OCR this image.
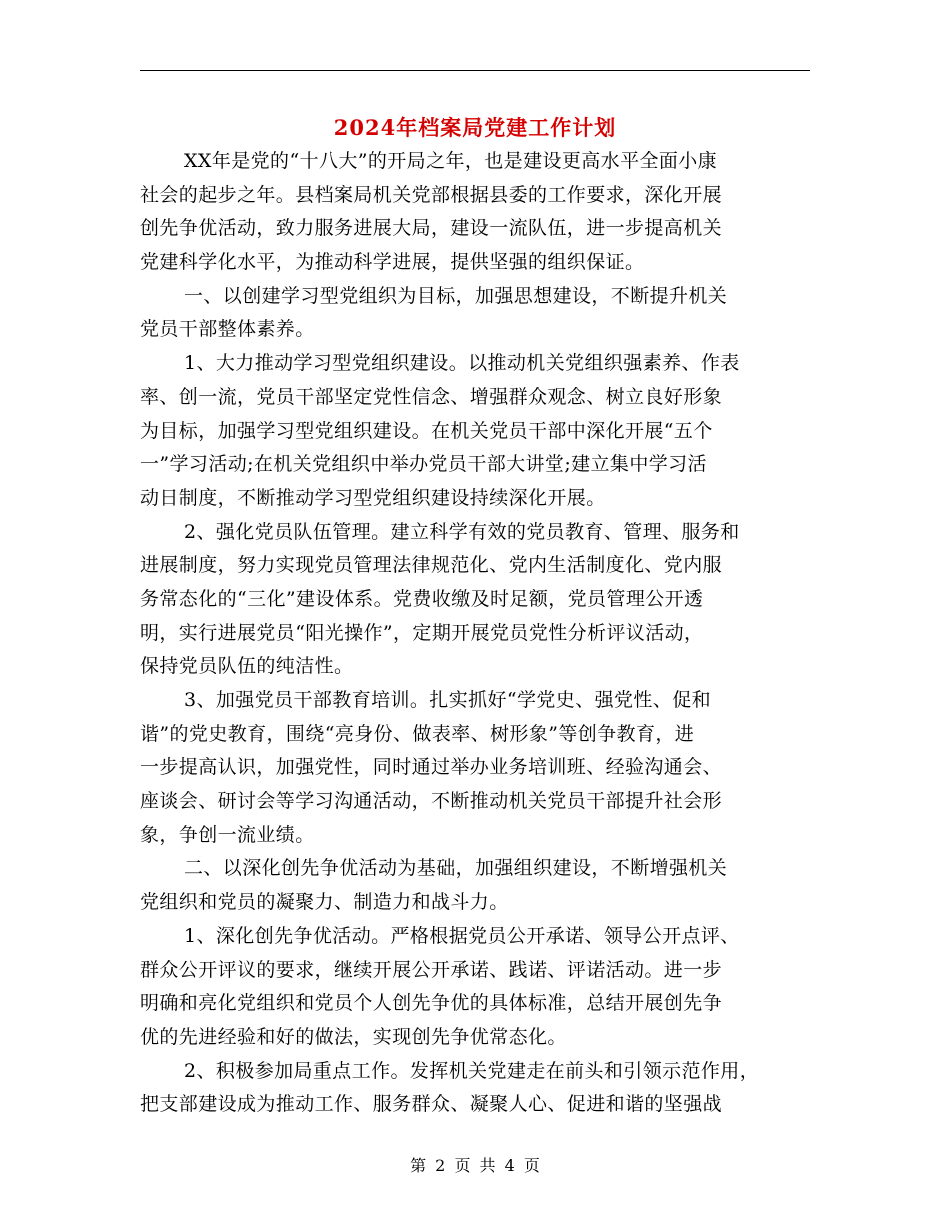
2024年档案局党建工作计划
XX年是党的“十八大”的开局之年，也是建设更高水平全面小康
社会的起步之年。县档案局机关党部根据县委的工作要求，深化开展
创先争优活动，致力服务进展大局，建设一流队伍，进一步提高机关
党建科学化水平，为推动科学进展，提供坚强的组织保证。
一、以创建学习型党组织为目标，加强思想建设，不断提升机关
党员干部整体素养。
1、大力推动学习型党组织建设。以推动机关党组织强素养、作表
率、创一流，党员干部坚定党性信念、增强群众观念、树立良好形象
为目标，加强学习型党组织建设。在机关党员干部中深化开展“五个
一”学习活动;在机关党组织中举办党员干部大讲堂;建立集中学习活
动日制度，不断推动学习型党组织建设持续深化开展。
2、强化党员队伍管理。建立科学有效的党员教育、管理、服务和
进展制度，努力实现党员管理法律规范化、党内生活制度化、党内服
务常态化的“三化”建设体系。党费收缴及时足额，党员管理公开透
明，实行进展党员“阳光操作”，定期开展党员党性分析评议活动，
保持党员队伍的纯洁性。
3、加强党员干部教育培训。扎实抓好“学党史、强党性、促和
谐”的党史教育，围绕“亮身份、做表率、树形象”等创争教育，进
一步提高认识，加强党性，同时通过举办业务培训班、经验沟通会、
座谈会、研讨会等学习沟通活动，不断推动机关党员干部提升社会形
象，争创一流业绩。
二、以深化创先争优活动为基础，加强组织建设，不断增强机关
党组织和党员的凝聚力、制造力和战斗力。
1、深化创先争优活动。严格根据党员公开承诺、领导公开点评、
群众公开评议的要求，继续开展公开承诺、践诺、评诺活动。进一步
明确和亮化党组织和党员个人创先争优的具体标准，总结开展创先争
优的先进经验和好的做法，实现创先争优常态化。
2、积极参加局重点工作。发挥机关党建走在前头和引领示范作用，
把支部建设成为推动工作、服务群众、凝聚人心、促进和谐的坚强战
第 2 页 共 4 页
